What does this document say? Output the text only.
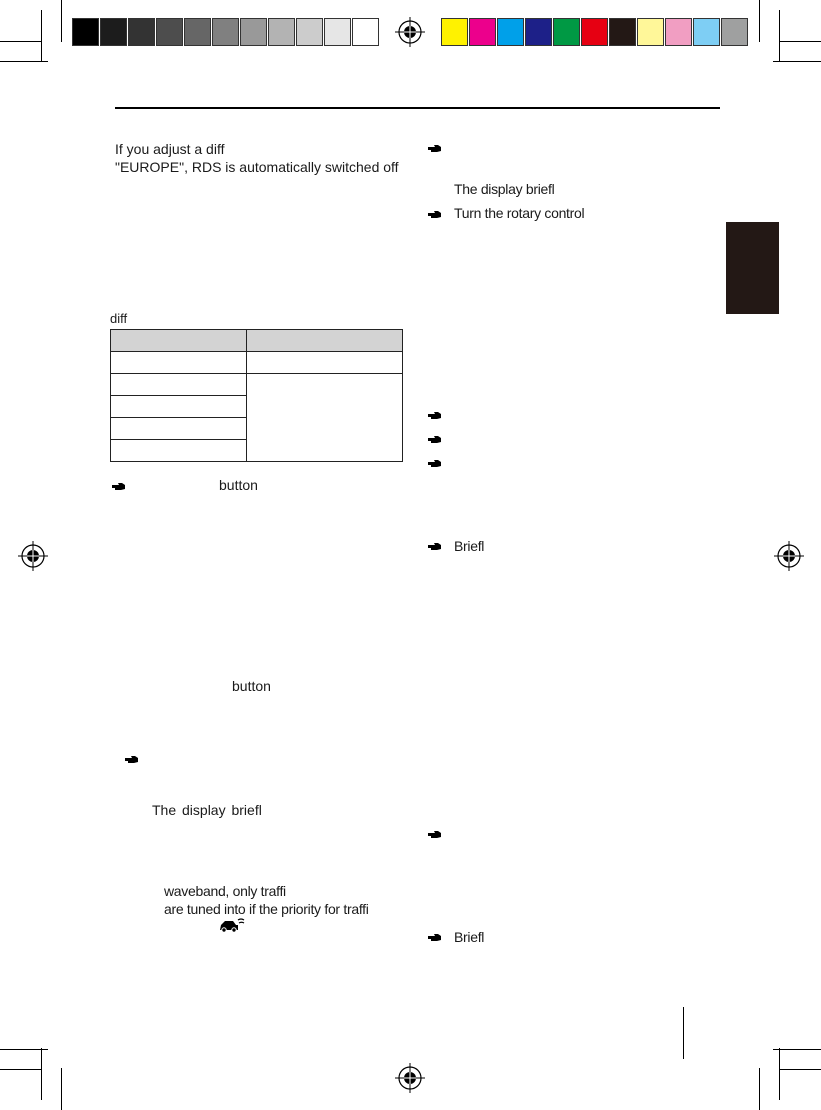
If you adjust a diff
"EUROPE", RDS is automatically switched off
diff

button
button
The display briefl
waveband, only traffi
are tuned into if the priority for traffi
The display briefl
Turn the rotary control
Briefl
Briefl
